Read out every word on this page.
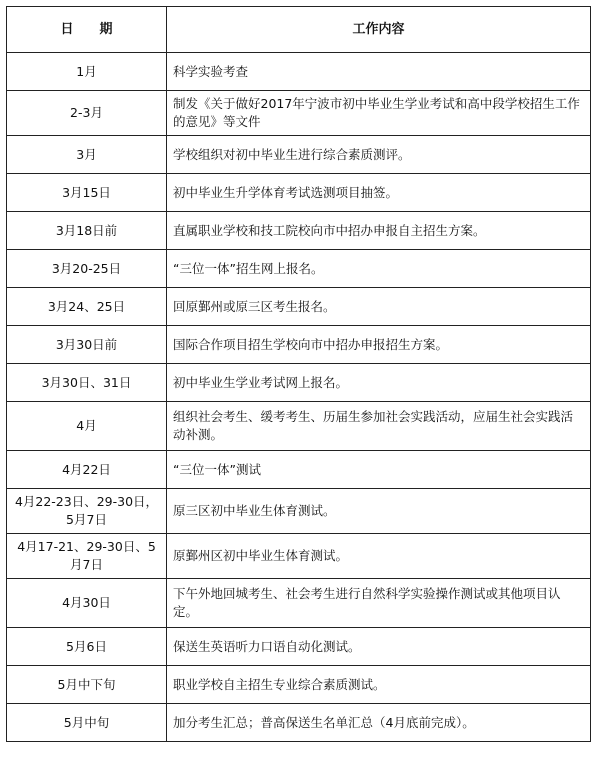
日　　期	工作内容
1月	科学实验考查
2-3月	制发《关于做好2017年宁波市初中毕业生学业考试和高中段学校招生工作的意见》等文件
3月	学校组织对初中毕业生进行综合素质测评。
3月15日	初中毕业生升学体育考试选测项目抽签。
3月18日前	直属职业学校和技工院校向市中招办申报自主招生方案。
3月20-25日	“三位一体”招生网上报名。
3月24、25日	回原鄞州或原三区考生报名。
3月30日前	国际合作项目招生学校向市中招办申报招生方案。
3月30日、31日	初中毕业生学业考试网上报名。
4月	组织社会考生、缓考考生、历届生参加社会实践活动，应届生社会实践活动补测。
4月22日	“三位一体”测试
4月22-23日、29-30日，5月7日	原三区初中毕业生体育测试。
4月17-21、29-30日、5月7日	原鄞州区初中毕业生体育测试。
4月30日	下午外地回城考生、社会考生进行自然科学实验操作测试或其他项目认定。
5月6日	保送生英语听力口语自动化测试。
5月中下旬	职业学校自主招生专业综合素质测试。
5月中旬	加分考生汇总；普高保送生名单汇总（4月底前完成）。
